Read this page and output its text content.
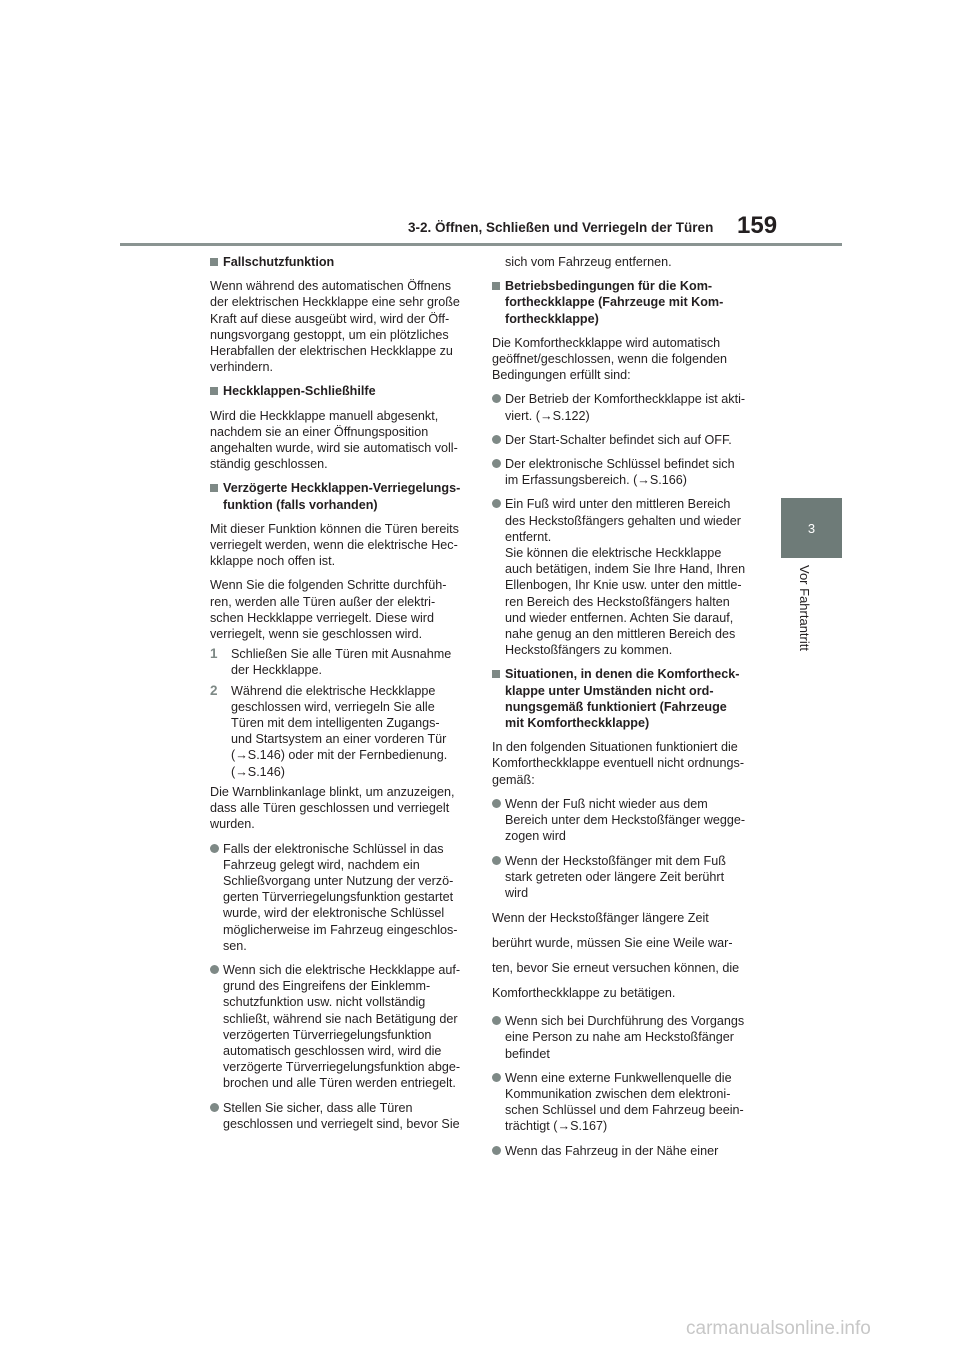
3-2. Öffnen, Schließen und Verriegeln der Türen 159
3
Vor Fahrtantritt
Fallschutzfunktion
Wenn während des automatischen Öffnens
der elektrischen Heckklappe eine sehr große
Kraft auf diese ausgeübt wird, wird der Öff-
nungsvorgang gestoppt, um ein plötzliches
Herabfallen der elektrischen Heckklappe zu
verhindern.
Heckklappen-Schließhilfe
Wird die Heckklappe manuell abgesenkt,
nachdem sie an einer Öffnungsposition
angehalten wurde, wird sie automatisch voll-
ständig geschlossen.
Verzögerte Heckklappen-Verriegelungs-
funktion (falls vorhanden)
Mit dieser Funktion können die Türen bereits
verriegelt werden, wenn die elektrische Hec-
kklappe noch offen ist.
Wenn Sie die folgenden Schritte durchfüh-
ren, werden alle Türen außer der elektri-
schen Heckklappe verriegelt. Diese wird
verriegelt, wenn sie geschlossen wird.
1	Schließen Sie alle Türen mit Ausnahme
der Heckklappe.
2	Während die elektrische Heckklappe
geschlossen wird, verriegeln Sie alle
Türen mit dem intelligenten Zugangs-
und Startsystem an einer vorderen Tür
(→S.146) oder mit der Fernbedienung.
(→S.146)
Die Warnblinkanlage blinkt, um anzuzeigen,
dass alle Türen geschlossen und verriegelt
wurden.
Falls der elektronische Schlüssel in das
Fahrzeug gelegt wird, nachdem ein
Schließvorgang unter Nutzung der verzö-
gerten Türverriegelungsfunktion gestartet
wurde, wird der elektronische Schlüssel
möglicherweise im Fahrzeug eingeschlos-
sen.
Wenn sich die elektrische Heckklappe auf-
grund des Eingreifens der Einklemm-
schutzfunktion usw. nicht vollständig
schließt, während sie nach Betätigung der
verzögerten Türverriegelungsfunktion
automatisch geschlossen wird, wird die
verzögerte Türverriegelungsfunktion abge-
brochen und alle Türen werden entriegelt.
Stellen Sie sicher, dass alle Türen
geschlossen und verriegelt sind, bevor Sie
sich vom Fahrzeug entfernen.
Betriebsbedingungen für die Kom-
fortheckklappe (Fahrzeuge mit Kom-
fortheckklappe)
Die Komfortheckklappe wird automatisch
geöffnet/geschlossen, wenn die folgenden
Bedingungen erfüllt sind:
Der Betrieb der Komfortheckklappe ist akti-
viert. (→S.122)
Der Start-Schalter befindet sich auf OFF.
Der elektronische Schlüssel befindet sich
im Erfassungsbereich. (→S.166)
Ein Fuß wird unter den mittleren Bereich
des Heckstoßfängers gehalten und wieder
entfernt.
Sie können die elektrische Heckklappe
auch betätigen, indem Sie Ihre Hand, Ihren
Ellenbogen, Ihr Knie usw. unter den mittle-
ren Bereich des Heckstoßfängers halten
und wieder entfernen. Achten Sie darauf,
nahe genug an den mittleren Bereich des
Heckstoßfängers zu kommen.
Situationen, in denen die Komfortheck-
klappe unter Umständen nicht ord-
nungsgemäß funktioniert (Fahrzeuge
mit Komfortheckklappe)
In den folgenden Situationen funktioniert die
Komfortheckklappe eventuell nicht ordnungs-
gemäß:
Wenn der Fuß nicht wieder aus dem
Bereich unter dem Heckstoßfänger wegge-
zogen wird
Wenn der Heckstoßfänger mit dem Fuß
stark getreten oder längere Zeit berührt
wird
Wenn der Heckstoßfänger längere Zeit
berührt wurde, müssen Sie eine Weile war-
ten, bevor Sie erneut versuchen können, die
Komfortheckklappe zu betätigen.
Wenn sich bei Durchführung des Vorgangs
eine Person zu nahe am Heckstoßfänger
befindet
Wenn eine externe Funkwellenquelle die
Kommunikation zwischen dem elektroni-
schen Schlüssel und dem Fahrzeug beein-
trächtigt (→S.167)
Wenn das Fahrzeug in der Nähe einer
carmanualsonline.info
